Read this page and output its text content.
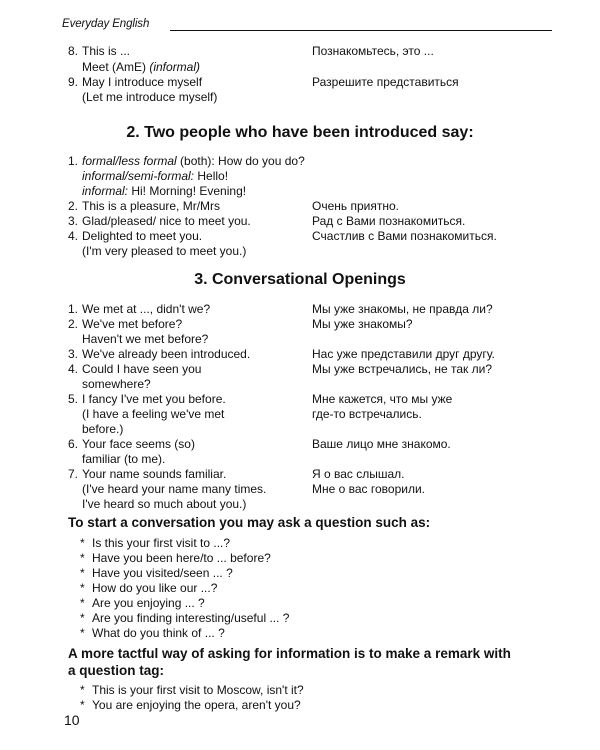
Everyday English
8. This is ...	Познакомьтесь, это ...
Meet (AmE) (informal)
9. May I introduce myself	Разрешите представиться
(Let me introduce myself)
2. Two people who have been introduced say:
1. formal/less formal (both): How do you do?
informal/semi-formal: Hello!
informal: Hi! Morning! Evening!
2. This is a pleasure, Mr/Mrs	Очень приятно.
3. Glad/pleased/ nice to meet you.	Рад с Вами познакомиться.
4. Delighted to meet you.	Счастлив с Вами познакомиться.
(I'm very pleased to meet you.)
3. Conversational Openings
1. We met at ..., didn't we?	Мы уже знакомы, не правда ли?
2. We've met before?	Мы уже знакомы?
Haven't we met before?
3. We've already been introduced.	Нас уже представили друг другу.
4. Could I have seen you	Мы уже встречались, не так ли?
somewhere?
5. I fancy I've met you before.	Мне кажется, что мы уже
(I have a feeling we've met	где-то встречались.
before.)
6. Your face seems (so)	Ваше лицо мне знакомо.
familiar (to me).
7. Your name sounds familiar.	Я о вас слышал.
(I've heard your name many times.	Мне о вас говорили.
I've heard so much about you.)
To start a conversation you may ask a question such as:
* Is this your first visit to ...?
* Have you been here/to ... before?
* Have you visited/seen ... ?
* How do you like our ...?
* Are you enjoying ... ?
* Are you finding interesting/useful ... ?
* What do you think of ... ?
A more tactful way of asking for information is to make a remark with
a question tag:
* This is your first visit to Moscow, isn't it?
* You are enjoying the opera, aren't you?
10
